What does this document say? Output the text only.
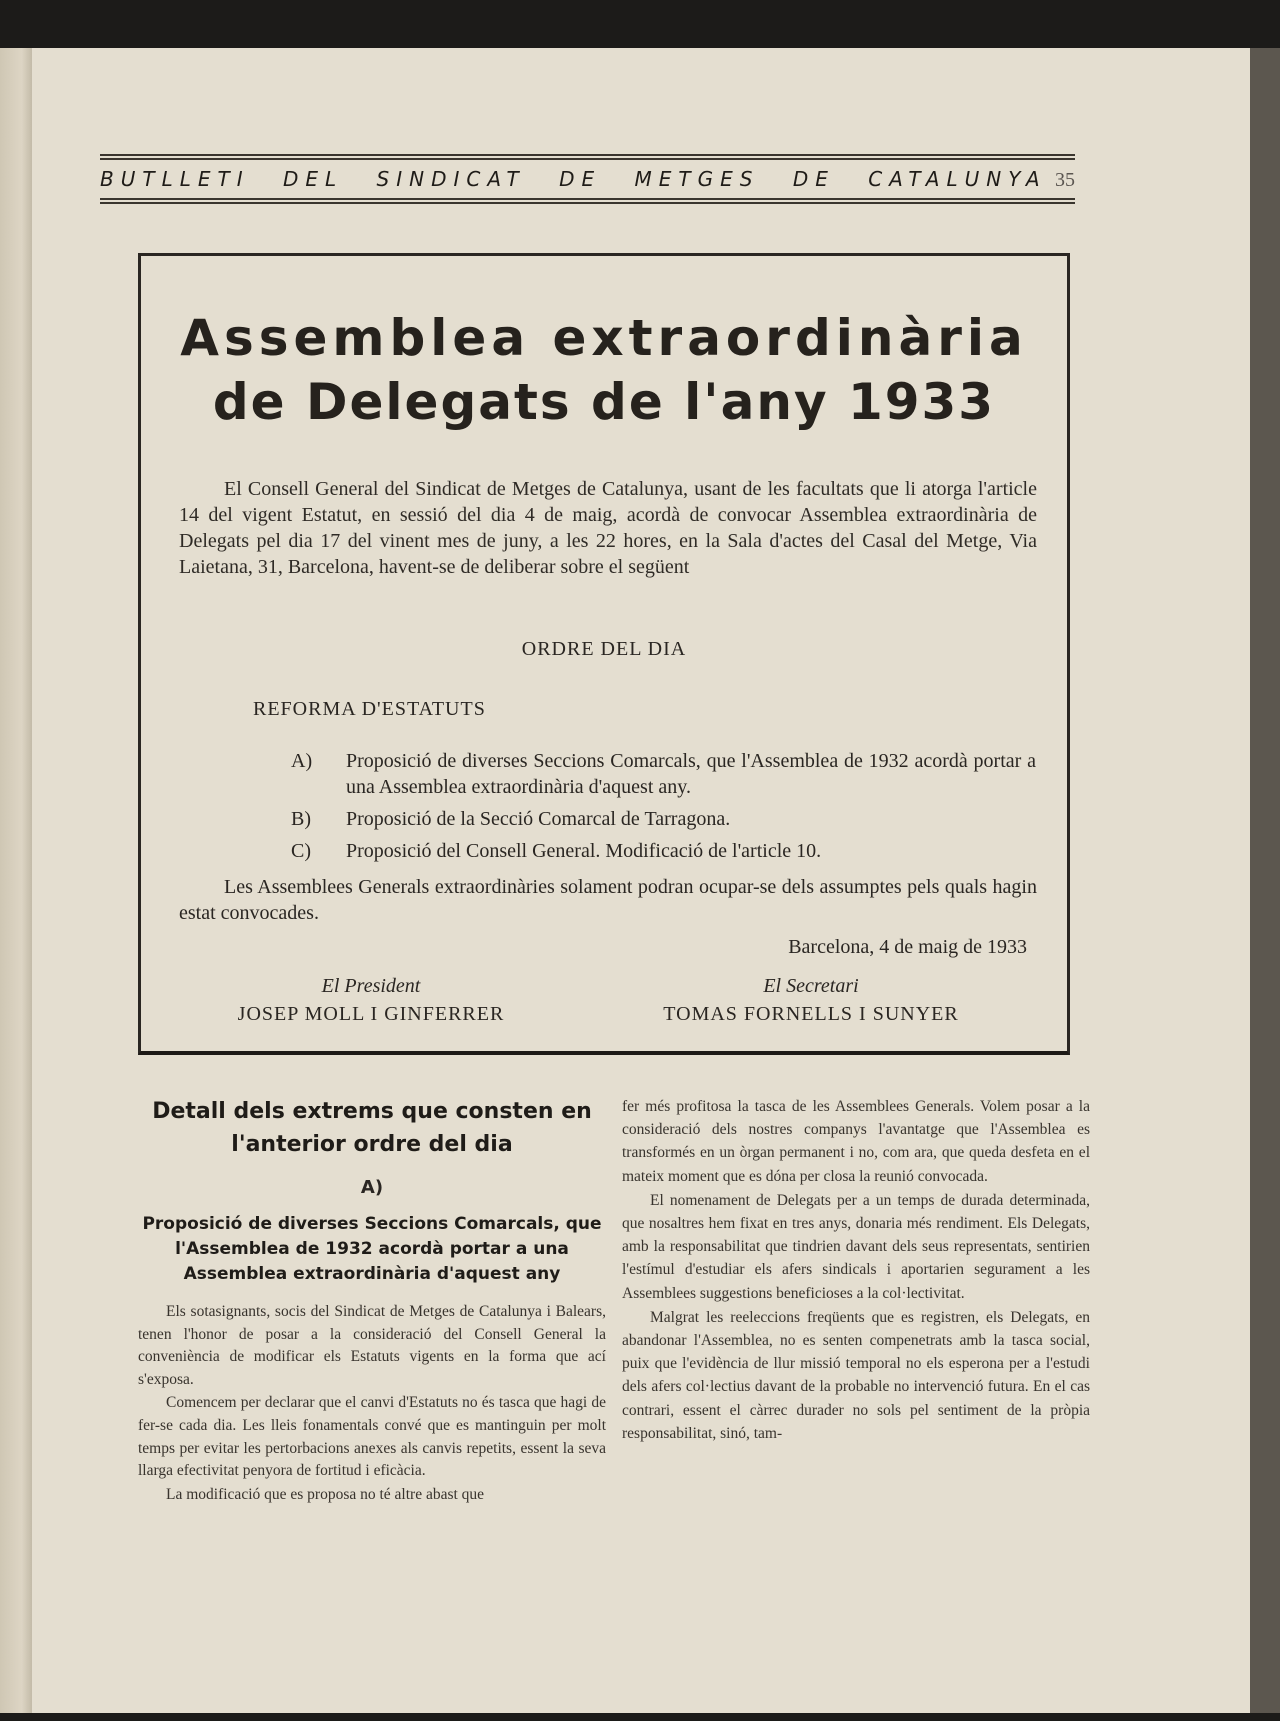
BUTLLETI DEL SINDICAT DE METGES DE CATALUNYA 35
Assemblea extraordinària
de Delegats de l'any 1933

El Consell General del Sindicat de Metges de Catalunya, usant de les facultats que li atorga l'article 14 del vigent Estatut, en sessió del dia 4 de maig, acordà de convocar Assemblea extraordinària de Delegats pel dia 17 del vinent mes de juny, a les 22 hores, en la Sala d'actes del Casal del Metge, Via Laietana, 31, Barcelona, havent-se de deliberar sobre el següent

ORDRE DEL DIA
REFORMA D'ESTATUTS
A)	Proposició de diverses Seccions Comarcals, que l'Assemblea de 1932 acordà portar a una Assemblea extraordinària d'aquest any.
B)	Proposició de la Secció Comarcal de Tarragona.
C)	Proposició del Consell General. Modificació de l'article 10.

Les Assemblees Generals extraordinàries solament podran ocupar-se dels assumptes pels quals hagin estat convocades.

Barcelona, 4 de maig de 1933
El President
JOSEP MOLL I GINFERRER
El Secretari
TOMAS FORNELLS I SUNYER
Detall dels extrems que consten en l'anterior ordre del dia
A)
Proposició de diverses Seccions Comarcals, que l'Assemblea de 1932 acordà portar a una Assemblea extraordinària d'aquest any

Els sotasignants, socis del Sindicat de Metges de Catalunya i Balears, tenen l'honor de posar a la consideració del Consell General la conveniència de modificar els Estatuts vigents en la forma que ací s'exposa.

Comencem per declarar que el canvi d'Estatuts no és tasca que hagi de fer-se cada dia. Les lleis fonamentals convé que es mantinguin per molt temps per evitar les pertorbacions anexes als canvis repetits, essent la seva llarga efectivitat penyora de fortitud i eficàcia.

La modificació que es proposa no té altre abast que

fer més profitosa la tasca de les Assemblees Generals. Volem posar a la consideració dels nostres companys l'avantatge que l'Assemblea es transformés en un òrgan permanent i no, com ara, que queda desfeta en el mateix moment que es dóna per closa la reunió convocada.

El nomenament de Delegats per a un temps de durada determinada, que nosaltres hem fixat en tres anys, donaria més rendiment. Els Delegats, amb la responsabilitat que tindrien davant dels seus representats, sentirien l'estímul d'estudiar els afers sindicals i aportarien segurament a les Assemblees suggestions beneficioses a la col·lectivitat.

Malgrat les reeleccions freqüents que es registren, els Delegats, en abandonar l'Assemblea, no es senten compenetrats amb la tasca social, puix que l'evidència de llur missió temporal no els esperona per a l'estudi dels afers col·lectius davant de la probable no intervenció futura. En el cas contrari, essent el càrrec durader no sols pel sentiment de la pròpia responsabilitat, sinó, tam-
